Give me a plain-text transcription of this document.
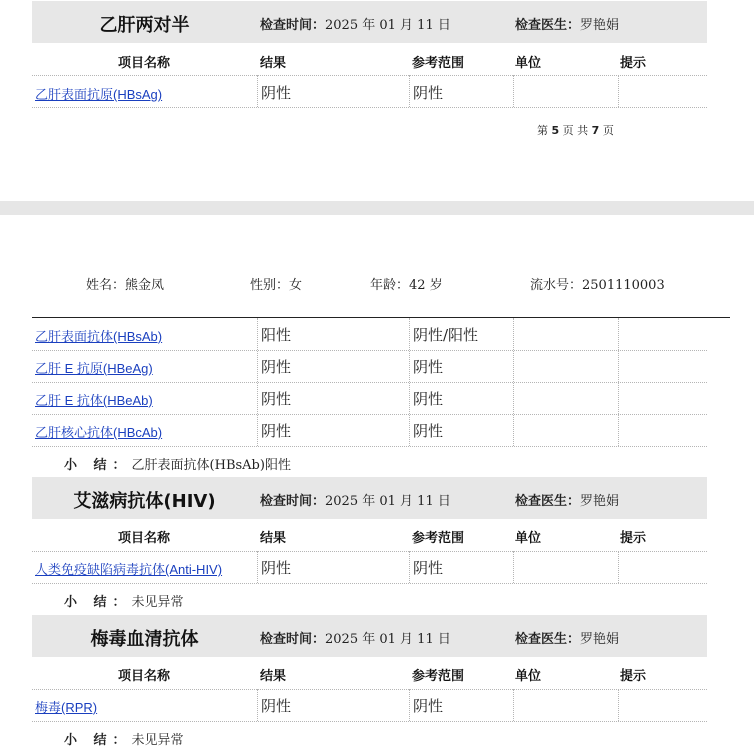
乙肝两对半	检查时间：2025 年 01 月 11 日	检查医生：罗艳娟
项目名称	结果	参考范围	单位	提示
乙肝表面抗原(HBsAg)	阴性	阴性
第 5 页 共 7 页
姓名：熊金凤	性别：女	年龄：42 岁	流水号：2501110003
乙肝表面抗体(HBsAb)	阳性	阴性/阳性
乙肝 E 抗原(HBeAg)	阴性	阴性
乙肝 E 抗体(HBeAb)	阴性	阴性
乙肝核心抗体(HBcAb)	阴性	阴性
小 结：乙肝表面抗体(HBsAb)阳性
艾滋病抗体(HIV)	检查时间：2025 年 01 月 11 日	检查医生：罗艳娟
项目名称	结果	参考范围	单位	提示
人类免疫缺陷病毒抗体(Anti-HIV)	阴性	阴性
小 结：未见异常
梅毒血清抗体	检查时间：2025 年 01 月 11 日	检查医生：罗艳娟
项目名称	结果	参考范围	单位	提示
梅毒(RPR)	阴性	阴性
小 结：未见异常
